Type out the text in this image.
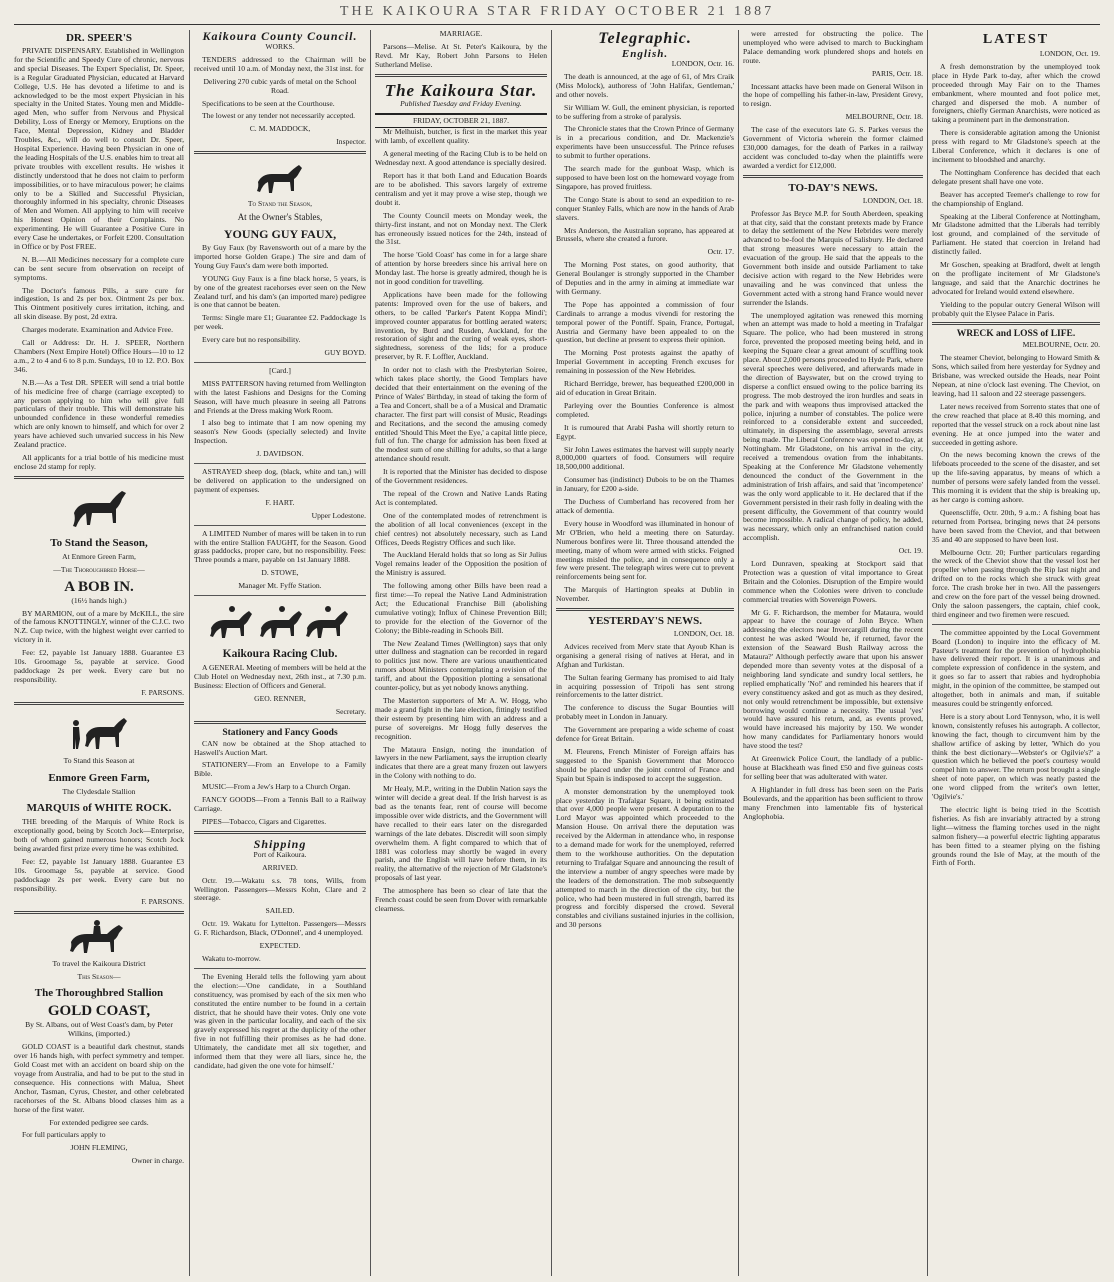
THE KAIKOURA STAR FRIDAY OCTOBER 21 1887
DR. SPEER'S

PRIVATE DISPENSARY. Established in Wellington for the Scientific and Speedy Cure of chronic, nervous and special Diseases. The Expert Specialist, Dr. Speer, is a Regular Graduated Physician, educated at Harvard College, U.S. He has devoted a lifetime to and is acknowledged to be the most expert Physician in his specialty in the United States. Young men and Middle-aged Men, who suffer from Nervous and Physical Debility, Loss of Energy or Memory, Eruptions on the Face, Mental Depression, Kidney and Bladder Troubles, &c., will do well to consult Dr. Speer, Hospital Experience. Having been Physician in one of the leading Hospitals of the U.S. enables him to treat all private troubles with excellent results. He wishes it distinctly understood that he does not claim to perform impossibilities, or to have miraculous power; he claims only to be a Skilled and Successful Physician, thoroughly informed in his specialty, chronic Diseases of Men and Women. All applying to him will receive his Honest Opinion of their Complaints. No experimenting. He will Guarantee a Positive Cure in every Case he undertakes, or Forfeit £200. Consultation in Office or by Post FREE.

N. B.—All Medicines necessary for a complete cure can be sent secure from observation on receipt of symptoms.

The Doctor's famous Pills, a sure cure for indigestion, 1s and 2s per box. Ointment 2s per box. This Ointment positively cures irritation, itching, and all skin disease. By post, 2d extra.

Charges moderate. Examination and Advice Free.

Call or Address: Dr. H. J. SPEER, Northern Chambers (Next Empire Hotel) Office Hours—10 to 12 a.m., 2 to 4 and 6 to 8 p.m. Sundays, 10 to 12. P.O. Box 346.

N.B.—As a Test DR. SPEER will send a trial bottle of his medicine free of charge (carriage excepted) to any person applying to him who will give full particulars of their trouble. This will demonstrate his unbounded confidence in these wonderful remedies which are only known to himself, and which for over 2 years have achieved such unvaried success in his New Zealand practice.

All applicants for a trial bottle of his medicine must enclose 2d stamp for reply.

To Stand the Season,

At Enmore Green Farm,

—The Thoroughbred Horse—

A BOB IN.

(16½ hands high.)

BY MARMION, out of a mare by McKILL, the sire of the famous KNOTTINGLY, winner of the C.J.C. two N.Z. Cup twice, with the highest weight ever carried to victory in it.

Fee: £2, payable 1st January 1888. Guarantee £3 10s. Groomage 5s, payable at service. Good paddockage 2s per week. Every care but no responsibility.

F. PARSONS.

To Stand this Season at

Enmore Green Farm,

The Clydesdale Stallion

MARQUIS of WHITE ROCK.

THE breeding of the Marquis of White Rock is exceptionally good, being by Scotch Jock—Enterprise, both of whom gained numerous honors; Scotch Jock being awarded first prize every time he was exhibited.

Fee: £2, payable 1st January 1888. Guarantee £3 10s. Groomage 5s, payable at service. Good paddockage 2s per week. Every care but no responsibility.

F. PARSONS.

To travel the Kaikoura District

This Season—

The Thoroughbred Stallion
GOLD COAST,

By St. Albans, out of West Coast's dam, by Peter Wilkins, (imported.)

GOLD COAST is a beautiful dark chestnut, stands over 16 hands high, with perfect symmetry and temper. Gold Coast met with an accident on board ship on the voyage from Australia, and had to be put to the stud in consequence. His connections with Malua, Sheet Anchor, Tasman, Cyrus, Chester, and other celebrated racehorses of the St. Albans blood classes him as a horse of the first water.

For extended pedigree see cards.

For full particulars apply to

JOHN FLEMING,

Owner in charge.

Kaikoura County Council.

WORKS.

TENDERS addressed to the Chairman will be received until 10 a.m. of Monday next, the 31st inst. for

Delivering 270 cubic yards of metal on the School Road.

Specifications to be seen at the Courthouse.

The lowest or any tender not necessarily accepted.

C. M. MADDOCK,

Inspector.

To Stand the Season,

At the Owner's Stables,

YOUNG GUY FAUX,

By Guy Faux (by Ravensworth out of a mare by the imported horse Golden Grape.) The sire and dam of Young Guy Faux's dam were both imported.

YOUNG Guy Faux is a fine black horse, 5 years, is by one of the greatest racehorses ever seen on the New Zealand turf, and his dam's (an imported mare) pedigree is one that cannot be beaten.

Terms: Single mare £1; Guarantee £2. Paddockage 1s per week.

Every care but no responsibility.

GUY BOYD.

[Card.]

MISS PATTERSON having returned from Wellington with the latest Fashions and Designs for the Coming Season, will have much pleasure in seeing all Patrons and Friends at the Dress making Work Room.

I also beg to intimate that I am now opening my season's New Goods (specially selected) and Invite Inspection.

J. DAVIDSON.

ASTRAYED sheep dog, (black, white and tan,) will be delivered on application to the undersigned on payment of expenses.

F. HART.

Upper Lodestone.

A LIMITED Number of mares will be taken in to run with the entire Stallion FAUGHT, for the Season. Good grass paddocks, proper care, but no responsibility. Fees: Three pounds a mare, payable on 1st January 1888.

D. STOWE,

Manager Mt. Fyffe Station.

Kaikoura Racing Club.

A GENERAL Meeting of members will be held at the Club Hotel on Wednesday next, 26th inst., at 7.30 p.m. Business: Election of Officers and General.

GEO. RENNER,

Secretary.

Stationery and Fancy Goods

CAN now be obtained at the Shop attached to Haswell's Auction Mart.

STATIONERY—From an Envelope to a Family Bible.

MUSIC—From a Jew's Harp to a Church Organ.

FANCY GOODS—From a Tennis Ball to a Railway Carriage.

PIPES—Tobacco, Cigars and Cigarettes.

Shipping

Port of Kaikoura.

ARRIVED.

Octr. 19.—Wakatu s.s. 78 tons, Wills, from Wellington. Passengers—Messrs Kohn, Clare and 2 steerage.

SAILED.

Octr. 19. Wakatu for Lyttelton. Passengers—Messrs G. F. Richardson, Black, O'Donnel', and 4 unemployed.

EXPECTED.

Wakatu to-morrow.

The Evening Herald tells the following yarn about the election:—'One candidate, in a Southland constituency, was promised by each of the six men who constituted the entire number to be found in a certain district, that he should have their votes. Only one vote was given in the particular locality, and each of the six gravely expressed his regret at the duplicity of the other five in not fulfilling their promises as he had done. Ultimately, the candidate met all six together, and informed them that they were all liars, since he, the candidate, had given the one vote for himself.'

MARRIAGE.

Parsons—Melise. At St. Peter's Kaikoura, by the Revd. Mr Kay, Robert John Parsons to Helen Sutherland Melise.

The Kaikoura Star.

Published Tuesday and Friday Evening.

FRIDAY, OCTOBER 21, 1887.

Mr Melhuish, butcher, is first in the market this year with lamb, of excellent quality.

A general meeting of the Racing Club is to be held on Wednesday next. A good attendance is specially desired.

Report has it that both Land and Education Boards are to be abolished. This savors largely of extreme centralism and yet it may prove a wise step, though we doubt it.

The County Council meets on Monday week, the thirty-first instant, and not on Monday next. The Clerk has erroneously issued notices for the 24th, instead of the 31st.

The horse 'Gold Coast' has come in for a large share of attention by horse breeders since his arrival here on Monday last. The horse is greatly admired, though he is not in good condition for travelling.

Applications have been made for the following patents: Improved oven for the use of bakers, and others, to be called 'Parker's Patent Koppa Mindi'; improved counter apparatus for bottling aerated waters; invention, by Burd and Rusden, Auckland, for the restoration of sight and the curing of weak eyes, short-sightedness, soreness of the lids; for a produce preserver, by R. F. Loffler, Auckland.

In order not to clash with the Presbyterian Soiree, which takes place shortly, the Good Templars have decided that their entertainment on the evening of the Prince of Wales' Birthday, in stead of taking the form of a Tea and Concert, shall be a of a Musical and Dramatic character. The first part will consist of Music, Readings and Recitations, and the second the amusing comedy entitled 'Should This Meet the Eye,' a capital little piece, full of fun. The charge for admission has been fixed at the modest sum of one shilling for adults, so that a large attendance should result.

It is reported that the Minister has decided to dispose of the Government residences.

The repeal of the Crown and Native Lands Rating Act is contemplated.

One of the contemplated modes of retrenchment is the abolition of all local conveniences (except in the chief centres) not absolutely necessary, such as Land Offices, Deeds Registry Offices and such like.

The Auckland Herald holds that so long as Sir Julius Vogel remains leader of the Opposition the position of the Ministry is assured.

The following among other Bills have been read a first time:—To repeal the Native Land Administration Act; the Educational Franchise Bill (abolishing cumulative voting); Influx of Chinese Prevention Bill; to provide for the election of the Governor of the Colony; the Bible-reading in Schools Bill.

The New Zealand Times (Wellington) says that only utter dullness and stagnation can be recorded in regard to politics just now. There are various unauthenticated rumors about Ministers contemplating a revision of the tariff, and about the Opposition plotting a sensational counter-policy, but as yet nobody knows anything.

The Masterton supporters of Mr A. W. Hogg, who made a grand fight in the late election, fittingly testified their esteem by presenting him with an address and a purse of sovereigns. Mr Hogg fully deserves the recognition.

The Mataura Ensign, noting the inundation of lawyers in the new Parliament, says the irruption clearly indicates that there are a great many frozen out lawyers in the Colony with nothing to do.

Mr Healy, M.P., writing in the Dublin Nation says the winter will decide a great deal. If the Irish harvest is as bad as the tenants fear, rent of course will become impossible over wide districts, and the Government will have recalled to their ears later on the disregarded warnings of the late debates. Discredit will soon simply overwhelm them. A fight compared to which that of 1881 was colorless may shortly be waged in every parish, and the English will have before them, in its reality, the alternative of the rejection of Mr Gladstone's proposals of last year.

The atmosphere has been so clear of late that the French coast could be seen from Dover with remarkable clearness.

Telegraphic.
English.

LONDON, Octr. 16.

The death is announced, at the age of 61, of Mrs Craik (Miss Molock), authoress of 'John Halifax, Gentleman,' and other novels.

Sir William W. Gull, the eminent physician, is reported to be suffering from a stroke of paralysis.

The Chronicle states that the Crown Prince of Germany is in a precarious condition, and Dr. Mackenzie's experiments have been unsuccessful. The Prince refuses to submit to further operations.

The search made for the gunboat Wasp, which is supposed to have been lost on the homeward voyage from Singapore, has proved fruitless.

The Congo State is about to send an expedition to re-conquer Stanley Falls, which are now in the hands of Arab slavers.

Mrs Anderson, the Australian soprano, has appeared at Brussels, where she created a furore.

Octr. 17.

The Morning Post states, on good authority, that General Boulanger is strongly supported in the Chamber of Deputies and in the army in aiming at immediate war with Germany.

The Pope has appointed a commission of four Cardinals to arrange a modus vivendi for restoring the temporal power of the Pontiff. Spain, France, Portugal, Austria and Germany have been appealed to on the question, but decline at present to express their opinion.

The Morning Post protests against the apathy of Imperial Government in accepting French excuses for remaining in possession of the New Hebrides.

Richard Berridge, brewer, has bequeathed £200,000 in aid of education in Great Britain.

Parleying over the Bounties Conference is almost completed.

It is rumoured that Arabi Pasha will shortly return to Egypt.

Sir John Lawes estimates the harvest will supply nearly 8,000,000 quarters of food. Consumers will require 18,500,000 additional.

Consumer has (indistinct) Dubois to be on the Thames in January, for £200 a-side.

The Duchess of Cumberland has recovered from her attack of dementia.

Every house in Woodford was illuminated in honour of Mr O'Brien, who held a meeting there on Saturday. Numerous bonfires were lit. Three thousand attended the meeting, many of whom were armed with sticks. Feigned meetings misled the police, and in consequence only a few were present. The telegraph wires were cut to prevent reinforcements being sent for.

The Marquis of Hartington speaks at Dublin in November.

YESTERDAY'S NEWS.

LONDON, Oct. 18.

Advices received from Merv state that Ayoub Khan is organising a general rising of natives at Herat, and in Afghan and Turkistan.

The Sultan fearing Germany has promised to aid Italy in acquiring possession of Tripoli has sent strong reinforcements to the latter district.

The conference to discuss the Sugar Bounties will probably meet in London in January.

The Government are preparing a wide scheme of coast defence for Great Britain.

M. Fleurens, French Minister of Foreign affairs has suggested to the Spanish Government that Morocco should be placed under the joint control of France and Spain but Spain is indisposed to accept the suggestion.

A monster demonstration by the unemployed took place yesterday in Trafalgar Square, it being estimated that over 4,000 people were present. A deputation to the Lord Mayor was appointed which proceeded to the Mansion House. On arrival there the deputation was received by the Alderman in attendance who, in response to a demand made for work for the unemployed, referred them to the workhouse authorities. On the deputation returning to Trafalgar Square and announcing the result of the interview a number of angry speeches were made by the leaders of the demonstration. The mob subsequently attempted to march in the direction of the city, but the police, who had been mustered in full strength, barred its progress and forcibly dispersed the crowd. Several constables and civilians sustained injuries in the collision, and 30 persons

were arrested for obstructing the police. The unemployed who were advised to march to Buckingham Palace demanding work plundered shops and hotels en route.

PARIS, Octr. 18.

Incessant attacks have been made on General Wilson in the hope of compelling his father-in-law, President Grevy, to resign.

MELBOURNE, Octr. 18.

The case of the executors late G. S. Parkes versus the Government of Victoria wherein the former claimed £30,000 damages, for the death of Parkes in a railway accident was concluded to-day when the plaintiffs were awarded a verdict for £12,000.

TO-DAY'S NEWS.

LONDON, Oct. 18.

Professor Jas Bryce M.P. for South Aberdeen, speaking at that city, said that the constant pretexts made by France to delay the settlement of the New Hebrides were merely advanced to be-fool the Marquis of Salisbury. He declared that strong measures were necessary to attain the evacuation of the group. He said that the appeals to the Government both inside and outside Parliament to take decisive action with regard to the New Hebrides were unavailing and he was convinced that unless the Government acted with a strong hand France would never surrender the Islands.

The unemployed agitation was renewed this morning when an attempt was made to hold a meeting in Trafalgar Square. The police, who had been mustered in strong force, prevented the proposed meeting being held, and in keeping the Square clear a great amount of scuffling took place. About 2,000 persons proceeded to Hyde Park, where several speeches were delivered, and afterwards made in the direction of Bayswater, but on the crowd trying to disperse a conflict ensued owing to the police barring its progress. The mob destroyed the iron hurdles and seats in the park and with weapons thus improvised attacked the police, injuring a number of constables. The police were reinforced to a considerable extent and succeeded, ultimately, in dispersing the assemblage, several arrests being made. The Liberal Conference was opened to-day, at Nottingham. Mr Gladstone, on his arrival in the city, received a tremendous ovation from the inhabitants. Speaking at the Conference Mr Gladstone vehemently denounced the conduct of the Government in the administration of Irish affairs, and said that 'incompetence' was the only word applicable to it. He declared that if the Government persisted in their rash folly in dealing with the present difficulty, the Government of that country would become impossible. A radical change of policy, he added, was necessary, which only an enfranchised nation could accomplish.

Oct. 19.

Lord Dunraven, speaking at Stockport said that Protection was a question of vital importance to Great Britain and the Colonies. Disruption of the Empire would commence when the Colonies were driven to conclude commercial treaties with Sovereign Powers.

Mr G. F. Richardson, the member for Mataura, would appear to have the courage of John Bryce. When addressing the electors near Invercargill during the recent contest he was asked 'Would he, if returned, favor the extension of the Seaward Bush Railway across the Mataura?' Although perfectly aware that upon his answer depended more than seventy votes at the disposal of a neighboring land syndicate and sundry local settlers, he replied emphatically 'No!' and reminded his hearers that if every constituency asked and got as much as they desired, not only would retrenchment be impossible, but extensive borrowing would continue a necessity. The usual 'yes' would have assured his return, and, as events proved, would have increased his majority by 150. We wonder how many candidates for Parliamentary honors would have stood the test?

At Greenwick Police Court, the landlady of a public-house at Blackheath was fined £50 and five guineas costs for selling beer that was adulterated with water.

A Highlander in full dress has been seen on the Paris Boulevards, and the apparition has been sufficient to throw many Frenchmen into lamentable fits of hysterical Anglophobia.

LATEST

LONDON, Oct. 19.

A fresh demonstration by the unemployed took place in Hyde Park to-day, after which the crowd proceeded through May Fair on to the Thames embankment, where mounted and foot police met, charged and dispersed the mob. A number of foreigners, chiefly German Anarchists, were noticed as taking a prominent part in the demonstration.

There is considerable agitation among the Unionist press with regard to Mr Gladstone's speech at the Liberal Conference, which it declares is one of incitement to bloodshed and anarchy.

The Nottingham Conference has decided that each delegate present shall have one vote.

Beaver has accepted Teemer's challenge to row for the championship of England.

Speaking at the Liberal Conference at Nottingham, Mr Gladstone admitted that the Liberals had terribly lost ground, and complained of the servitude of Parliament. He stated that coercion in Ireland had distinctly failed.

Mr Goschen, speaking at Bradford, dwelt at length on the profligate incitement of Mr Gladstone's language, and said that the Anarchic doctrines he advocated for Ireland would extend elsewhere.

Yielding to the popular outcry General Wilson will probably quit the Elysee Palace in Paris.

WRECK and LOSS of LIFE.

MELBOURNE, Octr. 20.

The steamer Cheviot, belonging to Howard Smith & Sons, which sailed from here yesterday for Sydney and Brisbane, was wrecked outside the Heads, near Point Nepean, at nine o'clock last evening. The Cheviot, on leaving, had 11 saloon and 22 steerage passengers.

Later news received from Sorrento states that one of the crew reached that place at 8.40 this morning, and reported that the vessel struck on a rock about nine last evening. He at once jumped into the water and succeeded in getting ashore.

On the news becoming known the crews of the lifeboats proceeded to the scene of the disaster, and set up the life-saving apparatus, by means of which a number of persons were safely landed from the vessel. This morning it is evident that the ship is breaking up, as her cargo is coming ashore.

Queenscliffe, Octr. 20th, 9 a.m.: A fishing boat has returned from Portsea, bringing news that 24 persons have been saved from the Cheviot, and that between 35 and 40 are supposed to have been lost.

Melbourne Octr. 20; Further particulars regarding the wreck of the Cheviot show that the vessel lost her propeller when passing through the Rip last night and drifted on to the rocks which she struck with great force. The crash broke her in two. All the passengers and crew on the fore part of the vessel being drowned. Only the saloon passengers, the captain, chief cook, third engineer and two firemen were rescued.

The committee appointed by the Local Government Board (London) to inquire into the efficacy of M. Pasteur's treatment for the prevention of hydrophobia have delivered their report. It is a unanimous and complete expression of confidence in the system, and it goes so far to assert that rabies and hydrophobia might, in the opinion of the committee, be stamped out altogether, both in animals and man, if suitable measures could be stringently enforced.

Here is a story about Lord Tennyson, who, it is well known, consistently refuses his autograph. A collector, knowing the fact, though to circumvent him by the shallow artifice of asking by letter, 'Which do you think the best dictionary—Webster's or Ogilvie's?' a question which he believed the poet's courtesy would compel him to answer. The return post brought a single sheet of note paper, on which was neatly pasted the one word clipped from the writer's own letter, 'Ogilvie's.'

The electric light is being tried in the Scottish fisheries. As fish are invariably attracted by a strong light—witness the flaming torches used in the night salmon fishery—a powerful electric lighting apparatus has been fitted to a steamer plying on the fishing grounds round the Isle of May, at the mouth of the Firth of Forth.
